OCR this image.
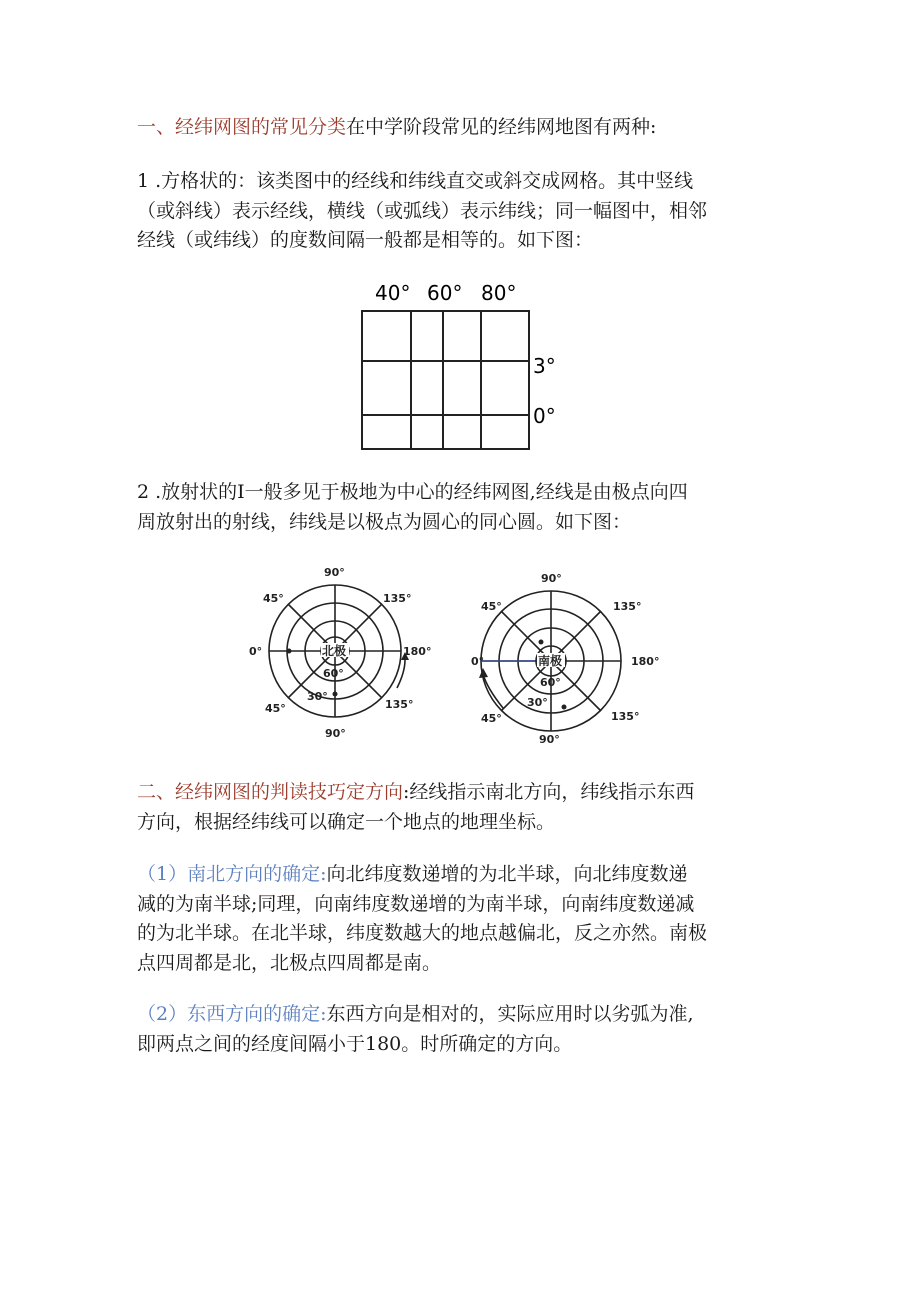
一、经纬网图的常见分类在中学阶段常见的经纬网地图有两种:
1 .方格状的：该类图中的经线和纬线直交或斜交成网格。其中竖线
（或斜线）表示经线，横线（或弧线）表示纬线；同一幅图中，相邻
经线（或纬线）的度数间隔一般都是相等的。如下图：
40° 60° 80°
3°
0°
2 .放射状的I一般多见于极地为中心的经纬网图,经线是由极点向四
周放射出的射线，纬线是以极点为圆心的同心圆。如下图：
90°
45°	135°
0°	180°
45°	135°
90°
60°
30°
北极
90°
45°	135°
0°	180°
45°	135°
90°
60°
30°
南极
二、经纬网图的判读技巧定方向:经线指示南北方向，纬线指示东西
方向，根据经纬线可以确定一个地点的地理坐标。
（1）南北方向的确定:向北纬度数递增的为北半球，向北纬度数递
减的为南半球;同理，向南纬度数递增的为南半球，向南纬度数递减
的为北半球。在北半球，纬度数越大的地点越偏北，反之亦然。南极
点四周都是北，北极点四周都是南。
（2）东西方向的确定:东西方向是相对的，实际应用时以劣弧为准,
即两点之间的经度间隔小于180。时所确定的方向。
